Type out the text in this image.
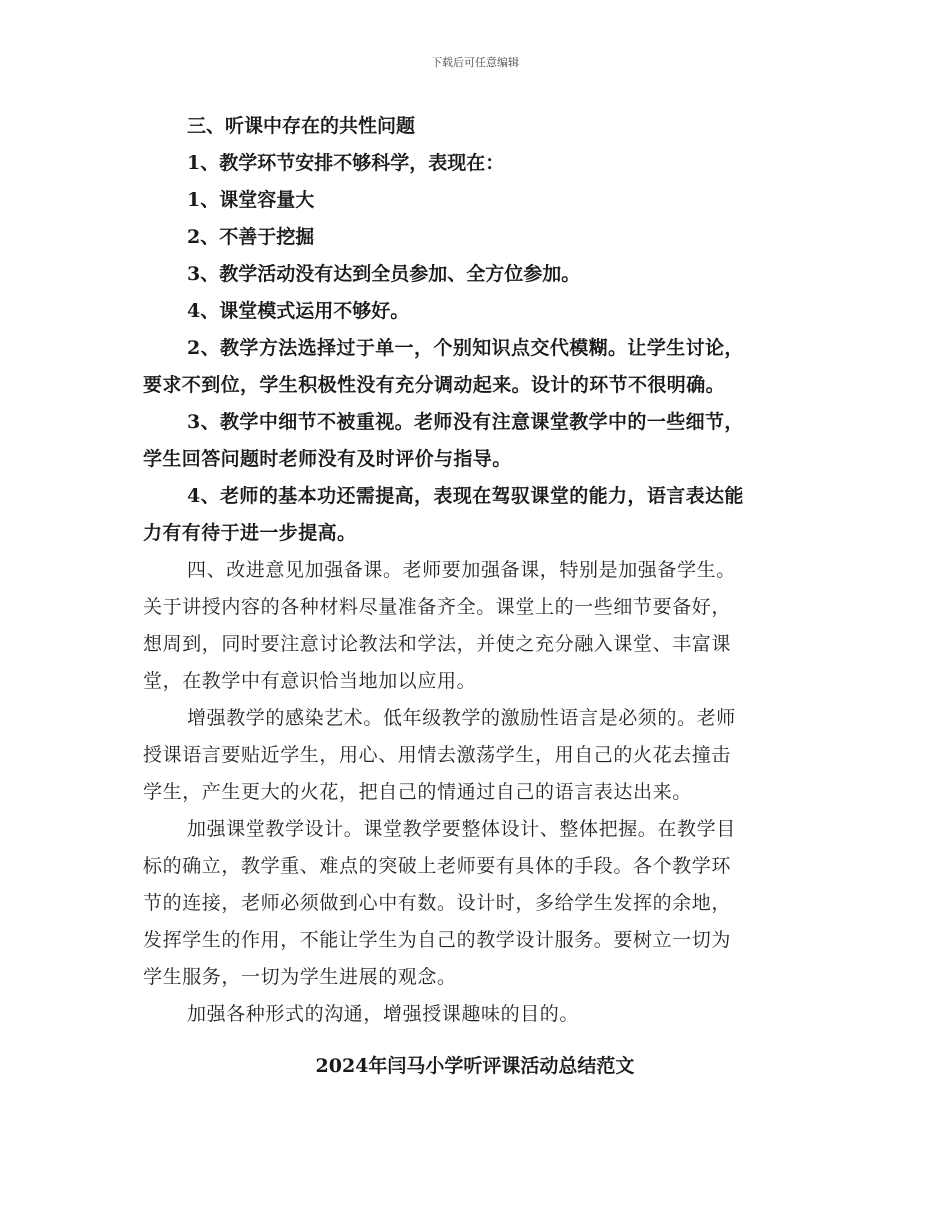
下载后可任意编辑
三、听课中存在的共性问题
1、教学环节安排不够科学，表现在：
1、课堂容量大
2、不善于挖掘
3、教学活动没有达到全员参加、全方位参加。
4、课堂模式运用不够好。
2、教学方法选择过于单一，个别知识点交代模糊。让学生讨论，
要求不到位，学生积极性没有充分调动起来。设计的环节不很明确。
3、教学中细节不被重视。老师没有注意课堂教学中的一些细节，
学生回答问题时老师没有及时评价与指导。
4、老师的基本功还需提高，表现在驾驭课堂的能力，语言表达能
力有有待于进一步提高。
四、改进意见加强备课。老师要加强备课，特别是加强备学生。
关于讲授内容的各种材料尽量准备齐全。课堂上的一些细节要备好，
想周到，同时要注意讨论教法和学法，并使之充分融入课堂、丰富课
堂，在教学中有意识恰当地加以应用。
增强教学的感染艺术。低年级教学的激励性语言是必须的。老师
授课语言要贴近学生，用心、用情去激荡学生，用自己的火花去撞击
学生，产生更大的火花，把自己的情通过自己的语言表达出来。
加强课堂教学设计。课堂教学要整体设计、整体把握。在教学目
标的确立，教学重、难点的突破上老师要有具体的手段。各个教学环
节的连接，老师必须做到心中有数。设计时，多给学生发挥的余地，
发挥学生的作用，不能让学生为自己的教学设计服务。要树立一切为
学生服务，一切为学生进展的观念。
加强各种形式的沟通，增强授课趣味的目的。
2024年闫马小学听评课活动总结范文
